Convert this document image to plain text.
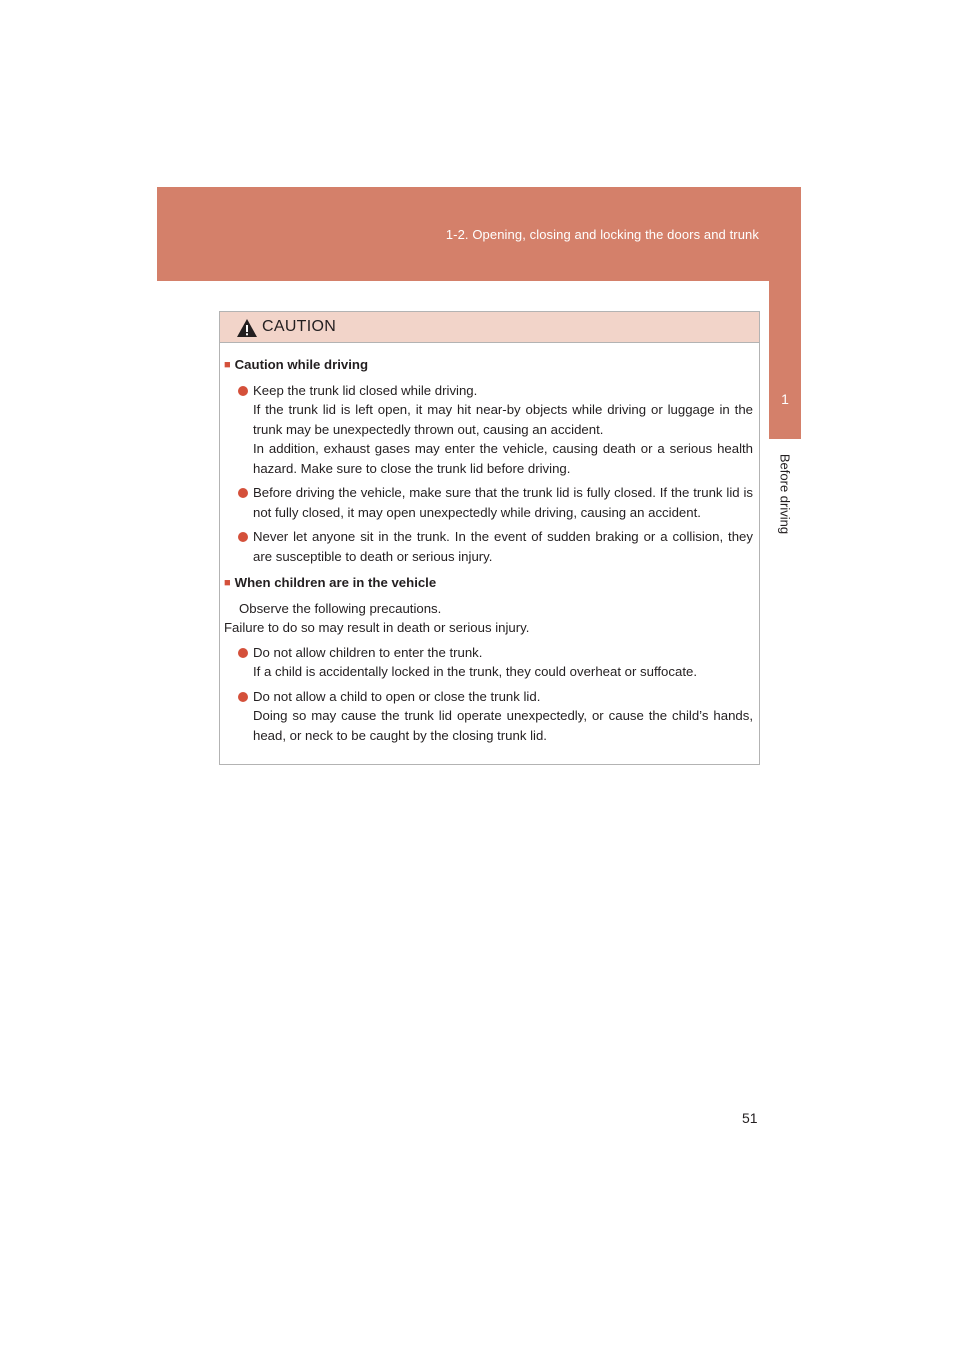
1-2. Opening, closing and locking the doors and trunk
1
Before driving
CAUTION
■ Caution while driving
Keep the trunk lid closed while driving.
If the trunk lid is left open, it may hit near-by objects while driving or luggage in the trunk may be unexpectedly thrown out, causing an accident.
In addition, exhaust gases may enter the vehicle, causing death or a serious health hazard. Make sure to close the trunk lid before driving.
Before driving the vehicle, make sure that the trunk lid is fully closed. If the trunk lid is not fully closed, it may open unexpectedly while driving, causing an accident.
Never let anyone sit in the trunk. In the event of sudden braking or a collision, they are susceptible to death or serious injury.
■ When children are in the vehicle
Observe the following precautions.
Failure to do so may result in death or serious injury.
Do not allow children to enter the trunk.
If a child is accidentally locked in the trunk, they could overheat or suffocate.
Do not allow a child to open or close the trunk lid.
Doing so may cause the trunk lid operate unexpectedly, or cause the child’s hands, head, or neck to be caught by the closing trunk lid.
51
